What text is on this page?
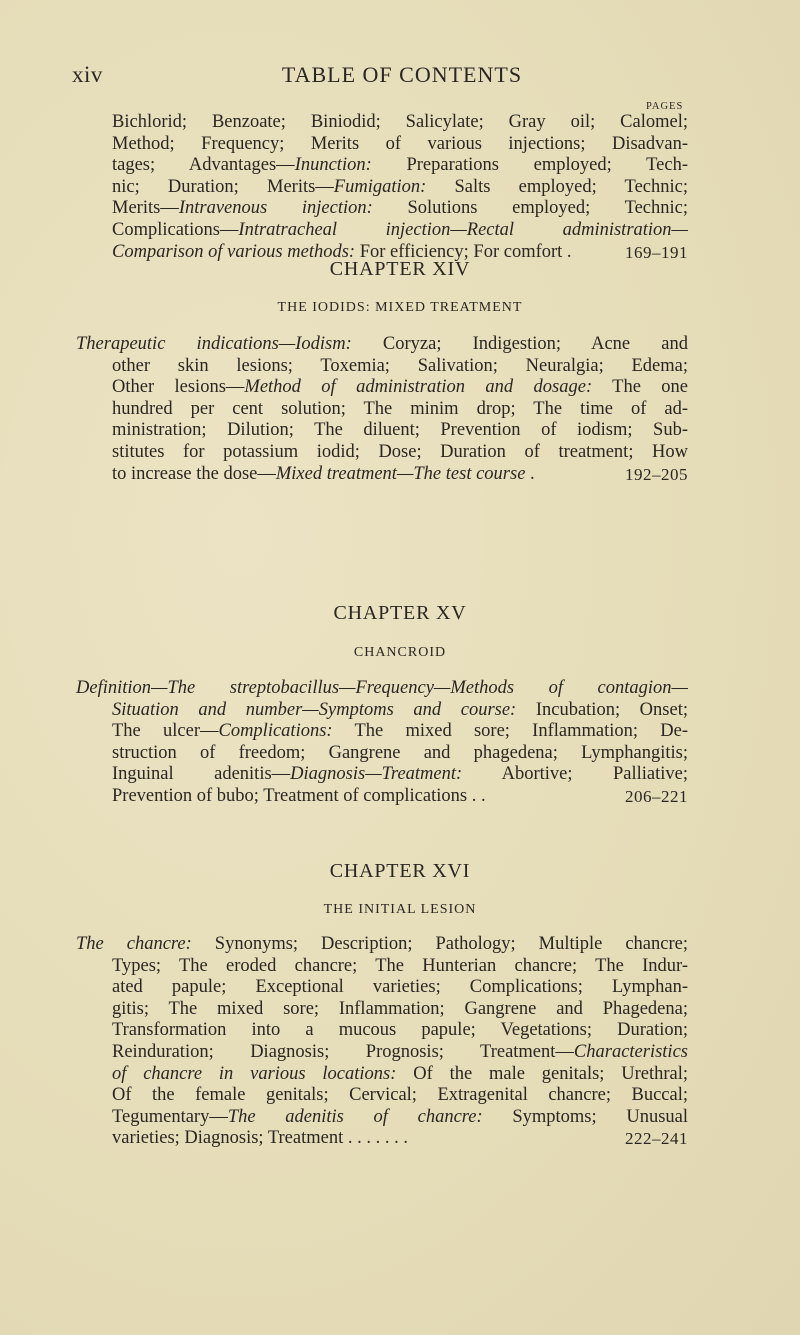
xiv	TABLE OF CONTENTS
PAGES
Bichlorid; Benzoate; Biniodid; Salicylate; Gray oil; Calomel;
Method; Frequency; Merits of various injections; Disadvan-
tages; Advantages—Inunction: Preparations employed; Tech-
nic; Duration; Merits—Fumigation: Salts employed; Technic;
Merits—Intravenous injection: Solutions employed; Technic;
Complications—Intratracheal injection—Rectal administration—
Comparison of various methods: For efficiency; For comfort .	169–191
CHAPTER XIV
THE IODIDS: MIXED TREATMENT
Therapeutic indications—Iodism: Coryza; Indigestion; Acne and
other skin lesions; Toxemia; Salivation; Neuralgia; Edema;
Other lesions—Method of administration and dosage: The one
hundred per cent solution; The minim drop; The time of ad-
ministration; Dilution; The diluent; Prevention of iodism; Sub-
stitutes for potassium iodid; Dose; Duration of treatment; How
to increase the dose—Mixed treatment—The test course .	192–205
CHAPTER XV
CHANCROID
Definition—The streptobacillus—Frequency—Methods of contagion—
Situation and number—Symptoms and course: Incubation; Onset;
The ulcer—Complications: The mixed sore; Inflammation; De-
struction of freedom; Gangrene and phagedena; Lymphangitis;
Inguinal adenitis—Diagnosis—Treatment: Abortive; Palliative;
Prevention of bubo; Treatment of complications . .	206–221
CHAPTER XVI
THE INITIAL LESION
The chancre: Synonyms; Description; Pathology; Multiple chancre;
Types; The eroded chancre; The Hunterian chancre; The Indur-
ated papule; Exceptional varieties; Complications; Lymphan-
gitis; The mixed sore; Inflammation; Gangrene and Phagedena;
Transformation into a mucous papule; Vegetations; Duration;
Reinduration; Diagnosis; Prognosis; Treatment—Characteristics
of chancre in various locations: Of the male genitals; Urethral;
Of the female genitals; Cervical; Extragenital chancre; Buccal;
Tegumentary—The adenitis of chancre: Symptoms; Unusual
varieties; Diagnosis; Treatment . . . . . . .	222–241
